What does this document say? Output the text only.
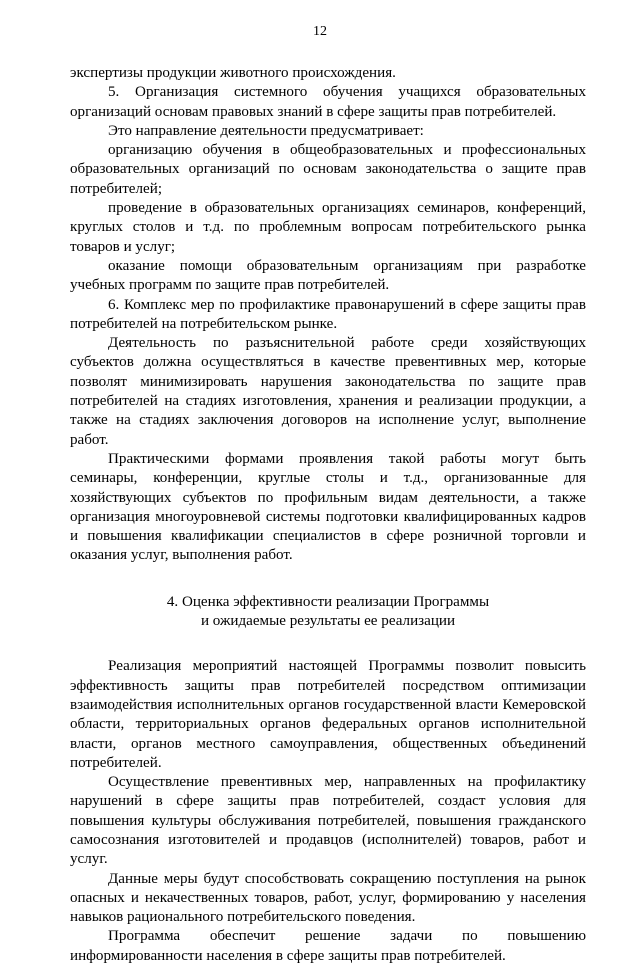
12

экспертизы продукции животного происхождения.

5. Организация системного обучения учащихся образовательных организаций основам правовых знаний в сфере защиты прав потребителей.

Это направление деятельности предусматривает:

организацию обучения в общеобразовательных и профессиональных образовательных организаций по основам законодательства о защите прав потребителей;

проведение в образовательных организациях семинаров, конференций, круглых столов и т.д. по проблемным вопросам потребительского рынка товаров и услуг;

оказание помощи образовательным организациям при разработке учебных программ по защите прав потребителей.

6. Комплекс мер по профилактике правонарушений в сфере защиты прав потребителей на потребительском рынке.

Деятельность по разъяснительной работе среди хозяйствующих субъектов должна осуществляться в качестве превентивных мер, которые позволят минимизировать нарушения законодательства по защите прав потребителей на стадиях изготовления, хранения и реализации продукции, а также на стадиях заключения договоров на исполнение услуг, выполнение работ.

Практическими формами проявления такой работы могут быть семинары, конференции, круглые столы и т.д., организованные для хозяйствующих субъектов по профильным видам деятельности, а также организация многоуровневой системы подготовки квалифицированных кадров и повышения квалификации специалистов в сфере розничной торговли и оказания услуг, выполнения работ.

4. Оценка эффективности реализации Программы
и ожидаемые результаты ее реализации

Реализация мероприятий настоящей Программы позволит повысить эффективность защиты прав потребителей посредством оптимизации взаимодействия исполнительных органов государственной власти Кемеровской области, территориальных органов федеральных органов исполнительной власти, органов местного самоуправления, общественных объединений потребителей.

Осуществление превентивных мер, направленных на профилактику нарушений в сфере защиты прав потребителей, создаст условия для повышения культуры обслуживания потребителей, повышения гражданского самосознания изготовителей и продавцов (исполнителей) товаров, работ и услуг.

Данные меры будут способствовать сокращению поступления на рынок опасных и некачественных товаров, работ, услуг, формированию у населения навыков рационального потребительского поведения.

Программа обеспечит решение задачи по повышению информированности населения в сфере защиты прав потребителей.
